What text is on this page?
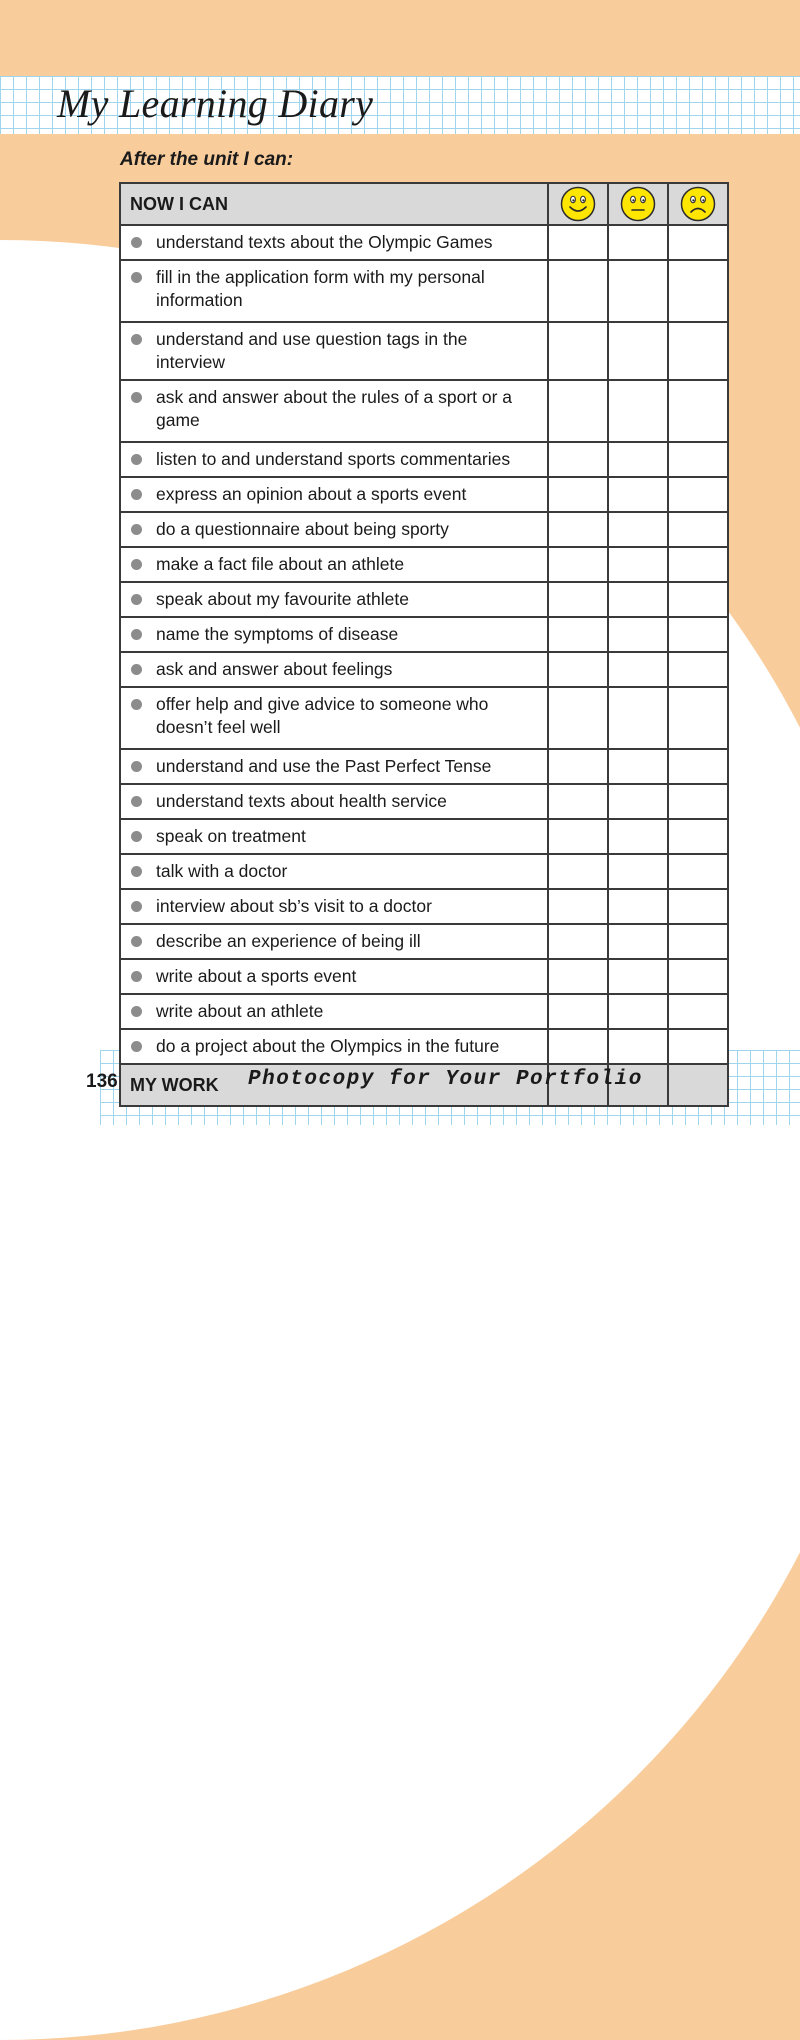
My Learning Diary

After the unit I can:

NOW I CAN	

understand texts about the Olympic Games			

fill in the application form with my personal information			

understand and use question tags in the interview			

ask and answer about the rules of a sport or a game			

listen to and understand sports commentaries			

express an opinion about a sports event			

do a questionnaire about being sporty			

make a fact file about an athlete			

speak about my favourite athlete			

name the symptoms of disease			

ask and answer about feelings			

offer help and give advice to someone who doesn’t feel well			

understand and use the Past Perfect Tense			

understand texts about health service			

speak on treatment			

talk with a doctor			

interview about sb’s visit to a doctor			

describe an experience of being ill			

write about a sports event			

write about an athlete			

do a project about the Olympics in the future			
MY WORK			
136	Photocopy for Your Portfolio
